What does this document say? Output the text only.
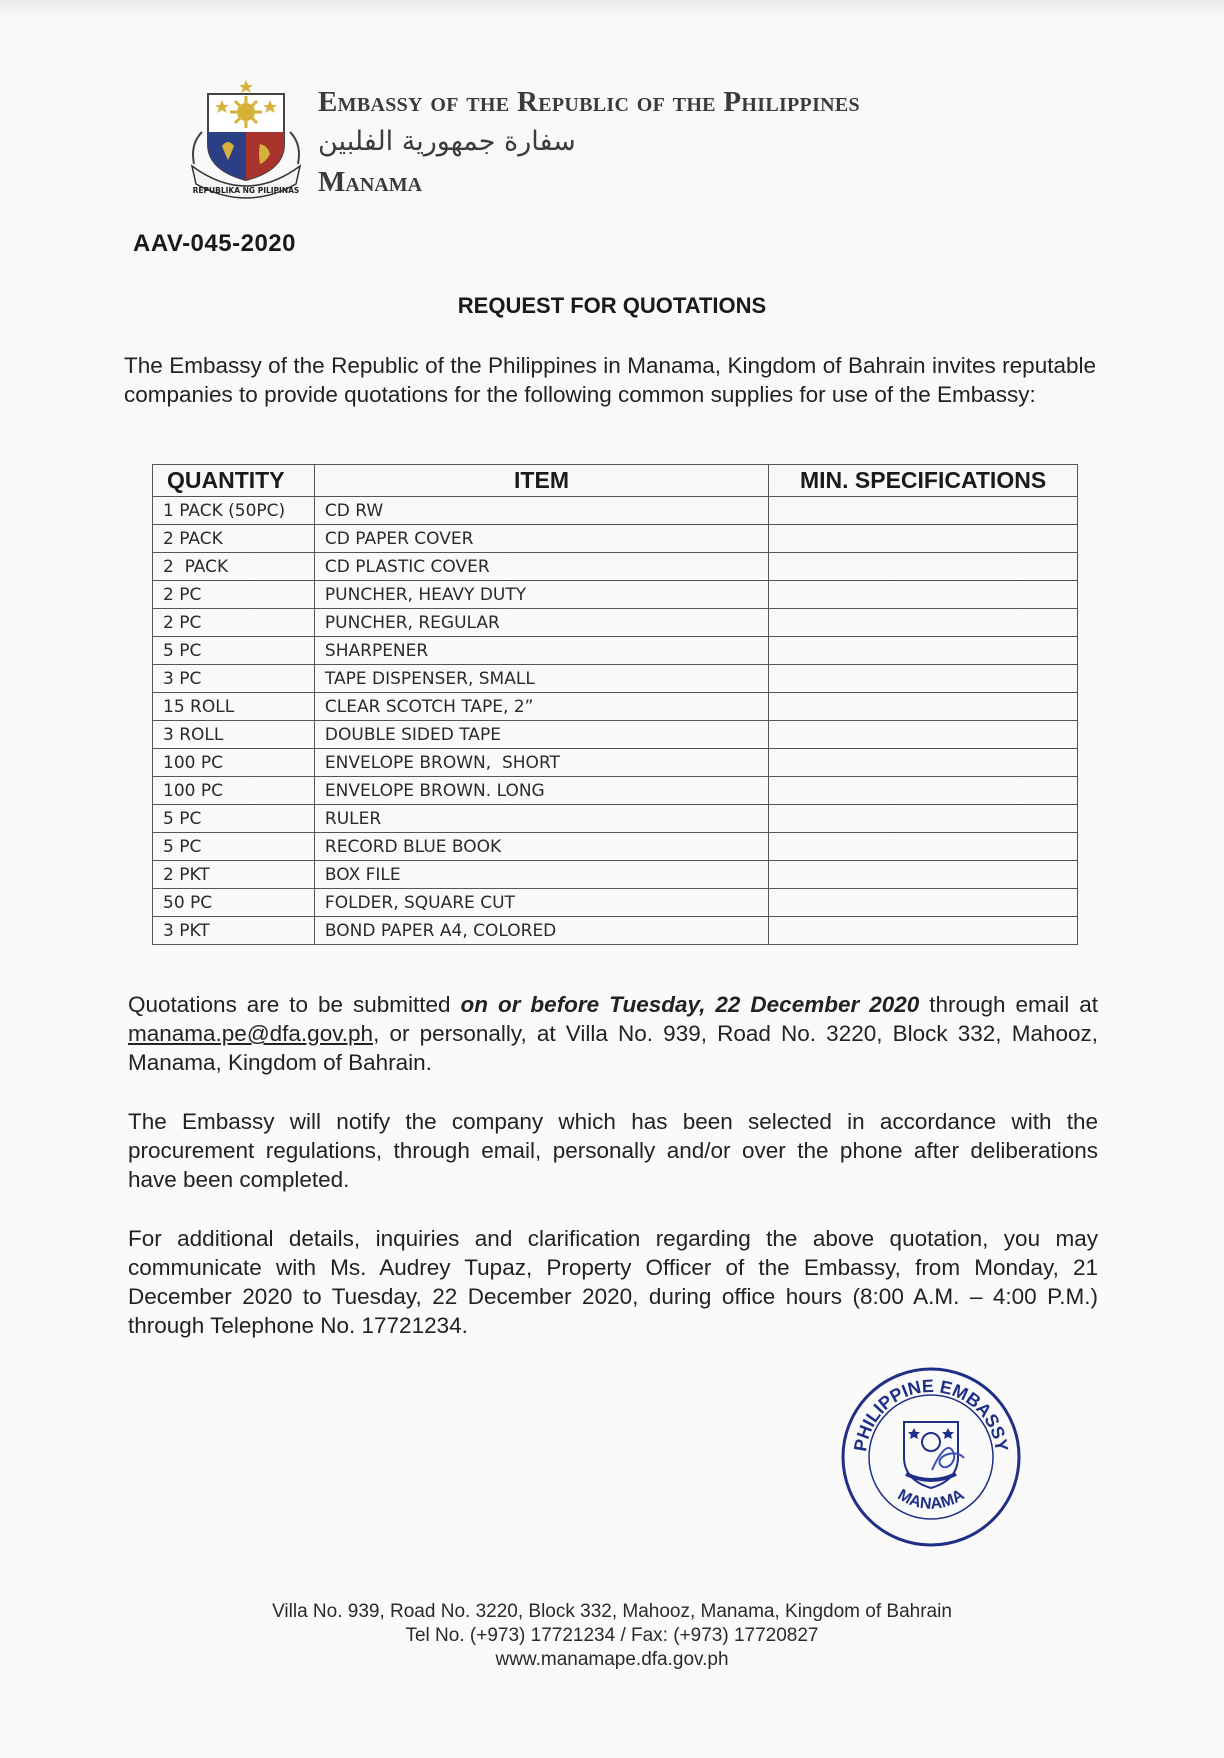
REPUBLIKA NG PILIPINAS
Embassy of the Republic of the Philippines
سفارة جمهورية الفلبين
Manama
AAV-045-2020
REQUEST FOR QUOTATIONS
The Embassy of the Republic of the Philippines in Manama, Kingdom of Bahrain invites reputable companies to provide quotations for the following common supplies for use of the Embassy:
QUANTITY	ITEM	MIN. SPECIFICATIONS
1 PACK (50PC)	CD RW	
2 PACK	CD PAPER COVER	
2  PACK	CD PLASTIC COVER	
2 PC	PUNCHER, HEAVY DUTY	
2 PC	PUNCHER, REGULAR	
5 PC	SHARPENER	
3 PC	TAPE DISPENSER, SMALL	
15 ROLL	CLEAR SCOTCH TAPE, 2”	
3 ROLL	DOUBLE SIDED TAPE	
100 PC	ENVELOPE BROWN,  SHORT	
100 PC	ENVELOPE BROWN. LONG	
5 PC	RULER	
5 PC	RECORD BLUE BOOK	
2 PKT	BOX FILE	
50 PC	FOLDER, SQUARE CUT	
3 PKT	BOND PAPER A4, COLORED	
Quotations are to be submitted on or before Tuesday, 22 December 2020 through email at manama.pe@dfa.gov.ph, or personally, at Villa No. 939, Road No. 3220, Block 332, Mahooz, Manama, Kingdom of Bahrain.
The Embassy will notify the company which has been selected in accordance with the procurement regulations, through email, personally and/or over the phone after deliberations have been completed.
For additional details, inquiries and clarification regarding the above quotation, you may communicate with Ms. Audrey Tupaz, Property Officer of the Embassy, from Monday, 21 December 2020 to Tuesday, 22 December 2020, during office hours (8:00 A.M. – 4:00 P.M.) through Telephone No. 17721234.
PHILIPPINE EMBASSY
MANAMA
Villa No. 939, Road No. 3220, Block 332, Mahooz, Manama, Kingdom of Bahrain
Tel No. (+973) 17721234 / Fax: (+973) 17720827
www.manamape.dfa.gov.ph
